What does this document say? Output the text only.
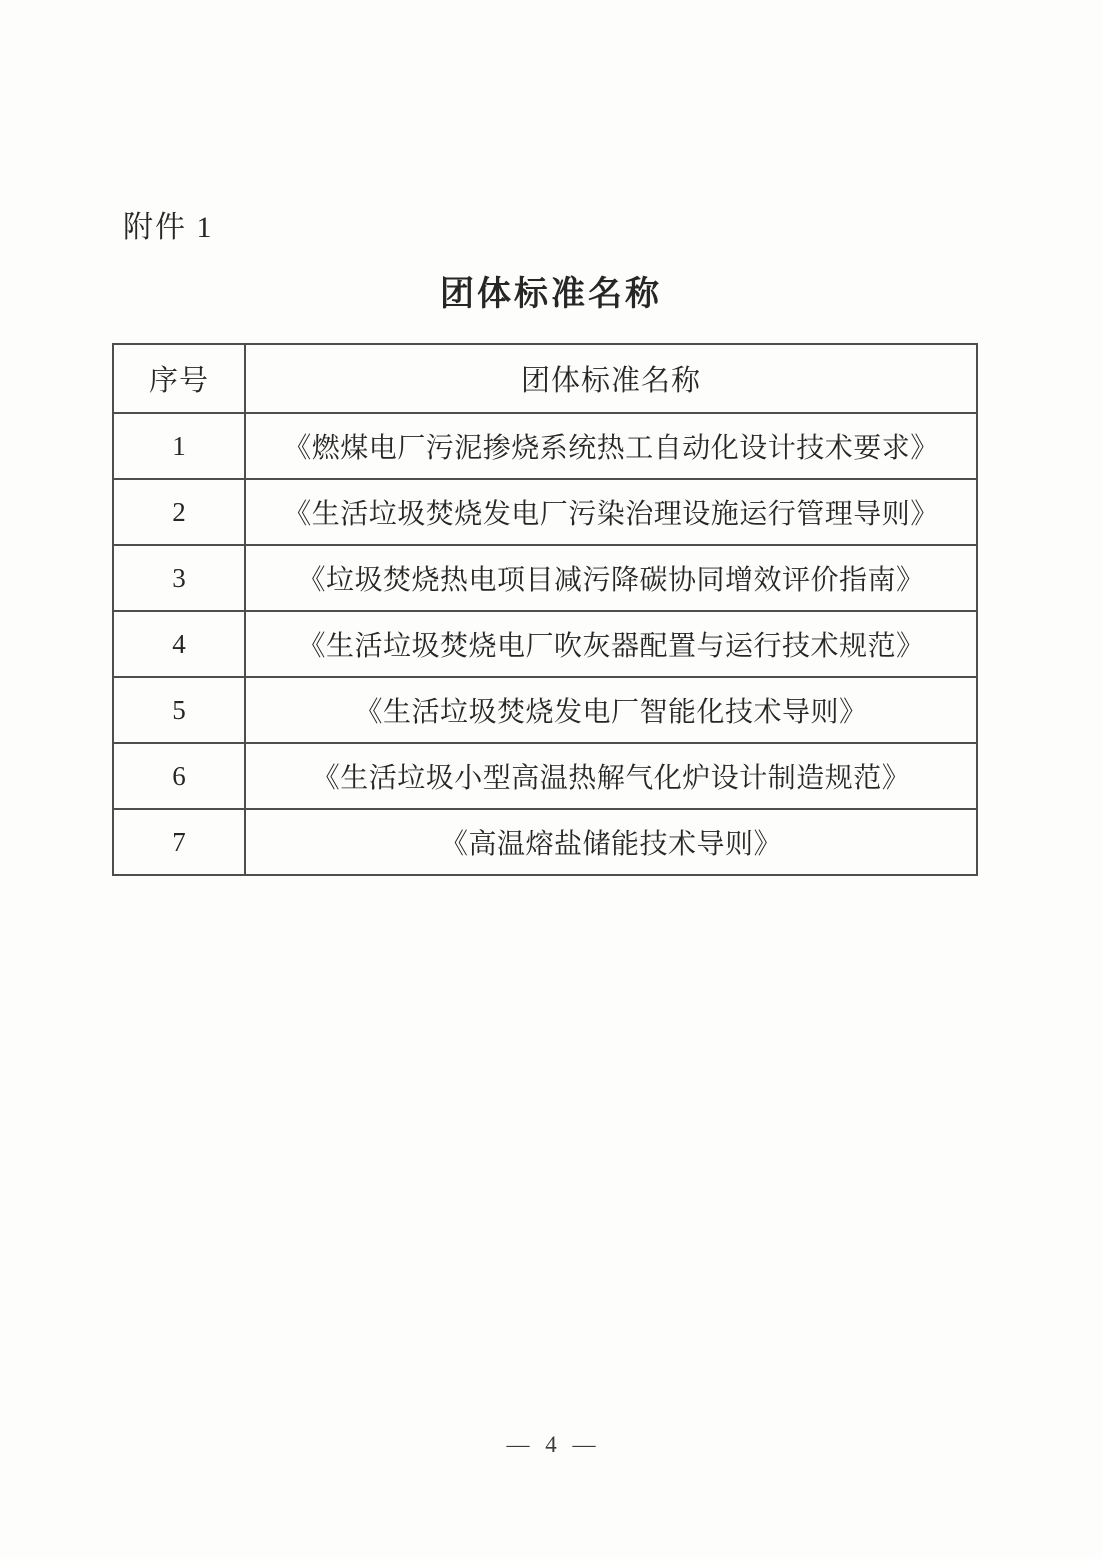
附件 1
团体标准名称
序号	团体标准名称
1	《燃煤电厂污泥掺烧系统热工自动化设计技术要求》
2	《生活垃圾焚烧发电厂污染治理设施运行管理导则》
3	《垃圾焚烧热电项目减污降碳协同增效评价指南》
4	《生活垃圾焚烧电厂吹灰器配置与运行技术规范》
5	《生活垃圾焚烧发电厂智能化技术导则》
6	《生活垃圾小型高温热解气化炉设计制造规范》
7	《高温熔盐储能技术导则》
— 4 —
